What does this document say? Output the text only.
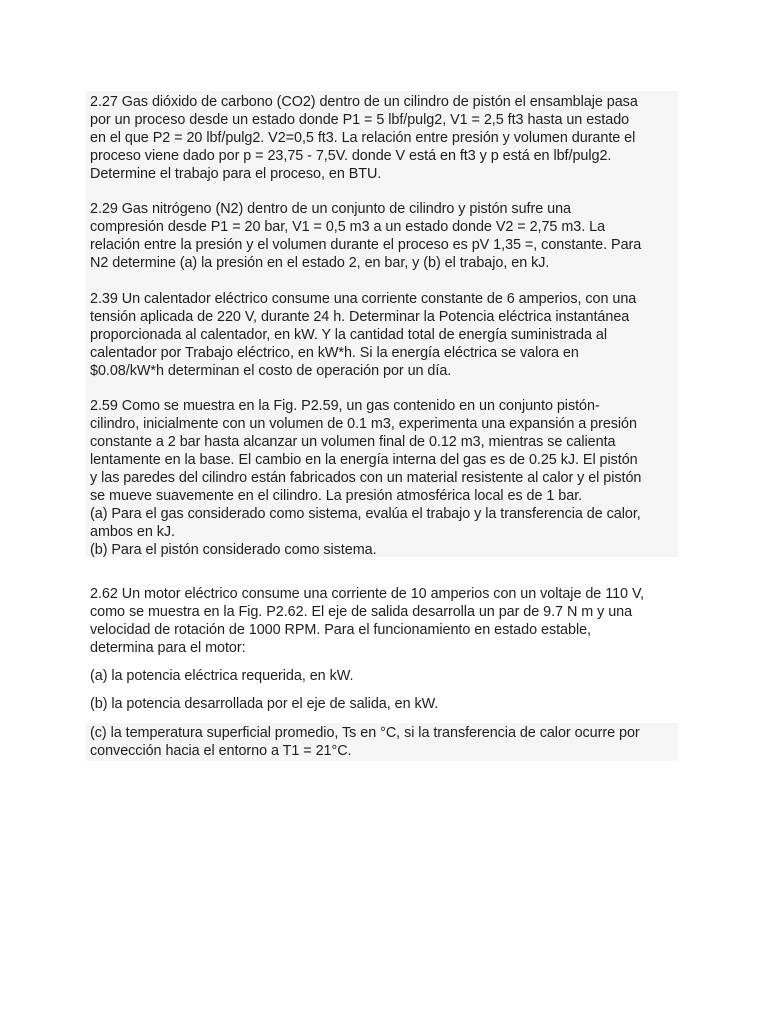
2.27 Gas dióxido de carbono (CO2) dentro de un cilindro de pistón el ensamblaje pasa

por un proceso desde un estado donde P1 = 5 lbf/pulg2, V1 = 2,5 ft3 hasta un estado

en el que P2 = 20 lbf/pulg2. V2=0,5 ft3. La relación entre presión y volumen durante el

proceso viene dado por p = 23,75 - 7,5V. donde V está en ft3 y p está en lbf/pulg2.

Determine el trabajo para el proceso, en BTU.

2.29 Gas nitrógeno (N2) dentro de un conjunto de cilindro y pistón sufre una

compresión desde P1 = 20 bar, V1 = 0,5 m3 a un estado donde V2 = 2,75 m3. La

relación entre la presión y el volumen durante el proceso es pV 1,35 =, constante. Para

N2 determine (a) la presión en el estado 2, en bar, y (b) el trabajo, en kJ.

2.39 Un calentador eléctrico consume una corriente constante de 6 amperios, con una

tensión aplicada de 220 V, durante 24 h. Determinar la Potencia eléctrica instantánea

proporcionada al calentador, en kW. Y la cantidad total de energía suministrada al

calentador por Trabajo eléctrico, en kW*h. Si la energía eléctrica se valora en

$0.08/kW*h determinan el costo de operación por un día.

2.59 Como se muestra en la Fig. P2.59, un gas contenido en un conjunto pistón-

cilindro, inicialmente con un volumen de 0.1 m3, experimenta una expansión a presión

constante a 2 bar hasta alcanzar un volumen final de 0.12 m3, mientras se calienta

lentamente en la base. El cambio en la energía interna del gas es de 0.25 kJ. El pistón

y las paredes del cilindro están fabricados con un material resistente al calor y el pistón

se mueve suavemente en el cilindro. La presión atmosférica local es de 1 bar.

(a) Para el gas considerado como sistema, evalúa el trabajo y la transferencia de calor,

ambos en kJ.

(b) Para el pistón considerado como sistema.

2.62 Un motor eléctrico consume una corriente de 10 amperios con un voltaje de 110 V,

como se muestra en la Fig. P2.62. El eje de salida desarrolla un par de 9.7 N m y una

velocidad de rotación de 1000 RPM. Para el funcionamiento en estado estable,

determina para el motor:

(a) la potencia eléctrica requerida, en kW.

(b) la potencia desarrollada por el eje de salida, en kW.

(c) la temperatura superficial promedio, Ts en °C, si la transferencia de calor ocurre por

convección hacia el entorno a T1 = 21°C.
